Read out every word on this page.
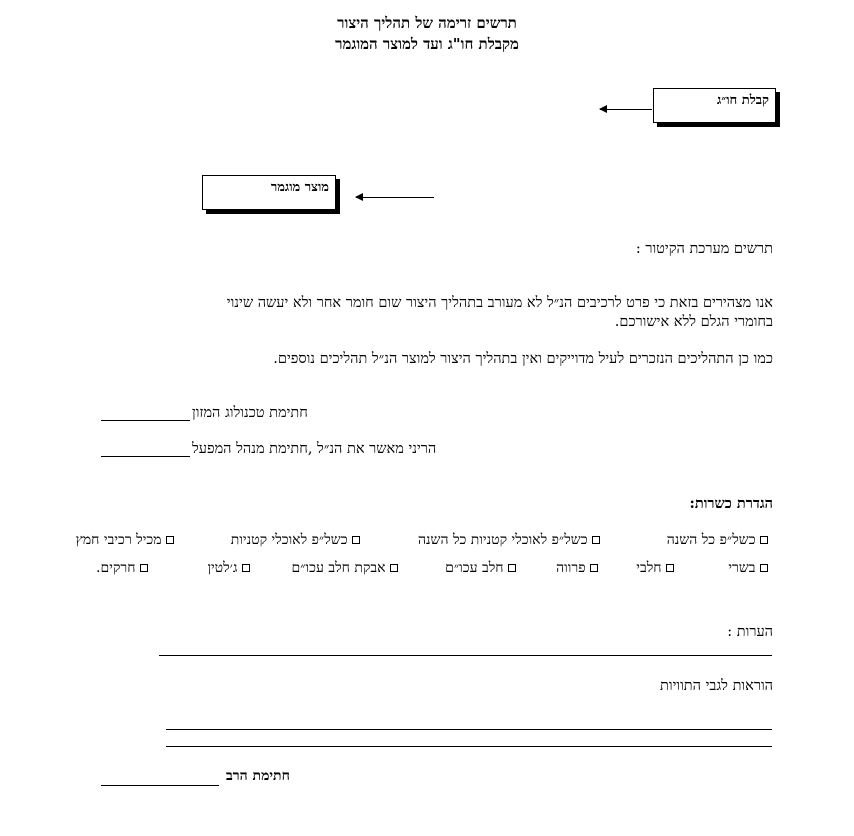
תרשים זרימה של תהליך היצור
מקבלת חו"ג ועד למוצר המוגמר
קבלת חו״ג
מוצר מוגמר
תרשים מערכת הקיטור :
אנו מצהירים בזאת כי פרט לרכיבים הנ״ל לא מעורב בתהליך היצור שום חומר אחר ולא יעשה שינוי
בחומרי הגלם ללא אישורכם.
כמו כן התהליכים הנזכרים לעיל מדוייקים ואין בתהליך היצור למוצר הנ״ל תהליכים נוספים.
חתימת טכנולוג המזון
הריני מאשר את הנ״ל ,חתימת מנהל המפעל
הגדרת כשרות:
כשל״פ כל השנה
כשל״פ לאוכלי קטניות כל השנה
כשל״פ לאוכלי קטניות
מכיל רכיבי חמץ
בשרי
חלבי
פרווה
חלב עכו״ם
אבקת חלב עכו״ם
ג׳לטין
חרקים.
הערות :
הוראות לגבי התוויות
חתימת הרב
